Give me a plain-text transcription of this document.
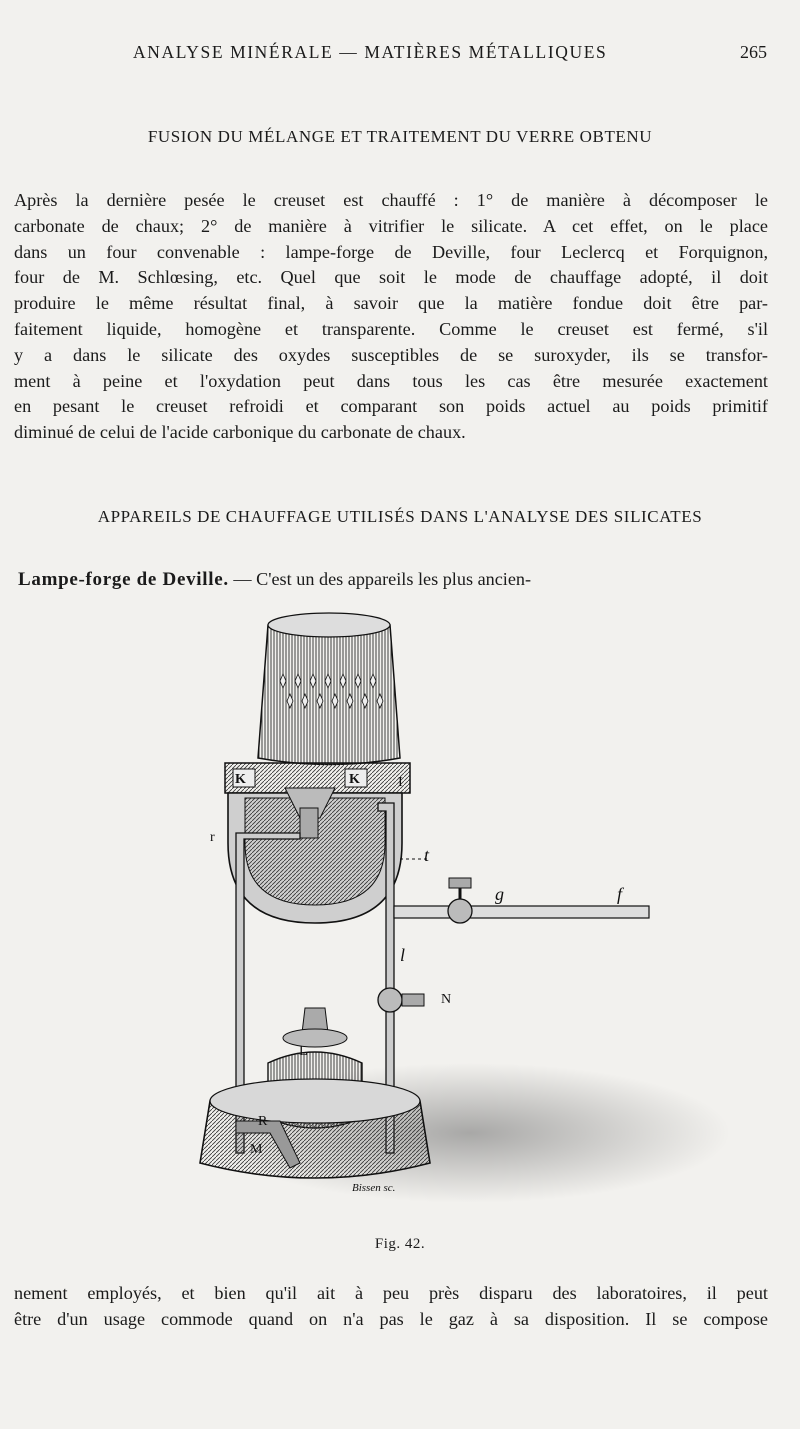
ANALYSE MINÉRALE — MATIÈRES MÉTALLIQUES	265
FUSION DU MÉLANGE ET TRAITEMENT DU VERRE OBTENU
Après la dernière pesée le creuset est chauffé : 1° de manière à décomposer le
carbonate de chaux; 2° de manière à vitrifier le silicate. A cet effet, on le place
dans un four convenable : lampe-forge de Deville, four Leclercq et Forquignon,
four de M. Schlœsing, etc. Quel que soit le mode de chauffage adopté, il doit
produire le même résultat final, à savoir que la matière fondue doit être par-
faitement liquide, homogène et transparente. Comme le creuset est fermé, s'il
y a dans le silicate des oxydes susceptibles de se suroxyder, ils se transfor-
ment à peine et l'oxydation peut dans tous les cas être mesurée exactement
en pesant le creuset refroidi et comparant son poids actuel au poids primitif
diminué de celui de l'acide carbonique du carbonate de chaux.
APPAREILS DE CHAUFFAGE UTILISÉS DANS L'ANALYSE DES SILICATES
Lampe-forge de Deville. — C'est un des appareils les plus ancien-
K	K	I
r
t
g	f
l
N
L
R
M
Bissen sc.
Fig. 42.
nement employés, et bien qu'il ait à peu près disparu des laboratoires, il peut
être d'un usage commode quand on n'a pas le gaz à sa disposition. Il se compose
